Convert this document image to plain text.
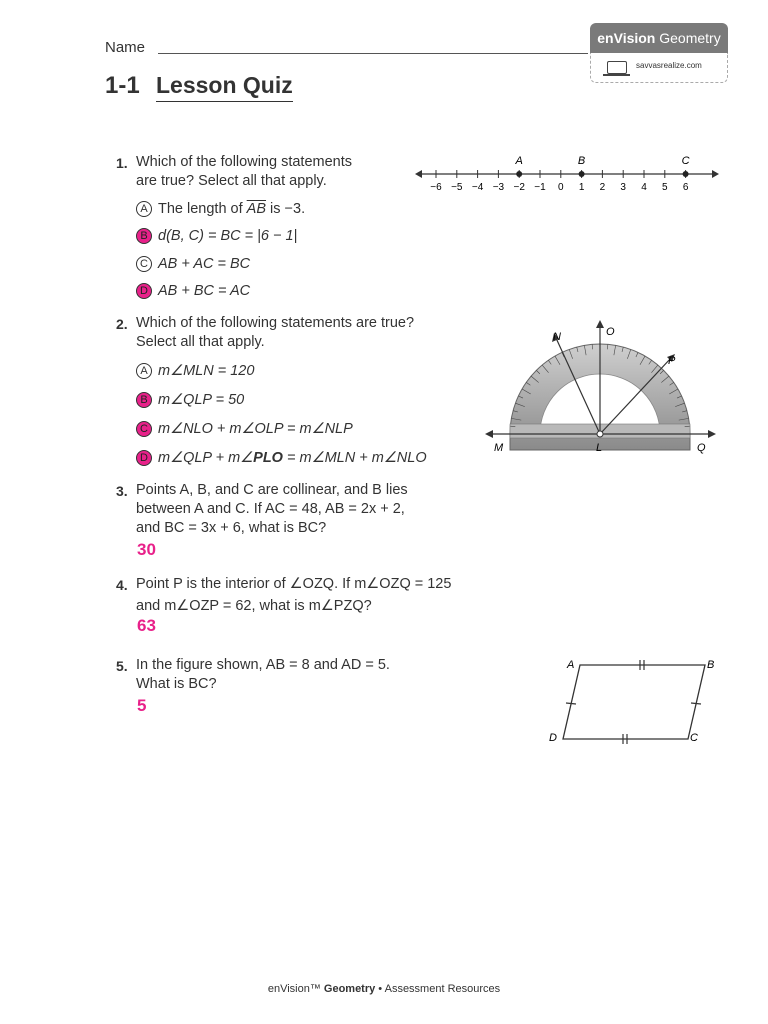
Name
enVision Geometry
savvasrealize.com
1-1 Lesson Quiz
1. Which of the following statements
are true? Select all that apply.
A The length of $\overline{AB}$ is −3.
B d(B, C) = BC = |6 − 1|
C AB + AC = BC
D AB + BC = AC
−6 −5 −4 −3 −2 −1 0 1 2 3 4 5 6
A	B	C
2. Which of the following statements are true?
Select all that apply.
A m∠MLN = 120
B m∠QLP = 50
C m∠NLO + m∠OLP = m∠NLP
D m∠QLP + m∠PLO = m∠MLN + m∠NLO
N	O
P
M	L	Q
3. Points A, B, and C are collinear, and B lies
between A and C. If AC = 48, AB = 2x + 2,
and BC = 3x + 6, what is BC?
30
4. Point P is the interior of ∠OZQ. If m∠OZQ = 125
and m∠OZP = 62, what is m∠PZQ?
63
5. In the figure shown, AB = 8 and AD = 5.
What is BC?
5
A	B
C
D
enVision™ Geometry • Assessment Resources
